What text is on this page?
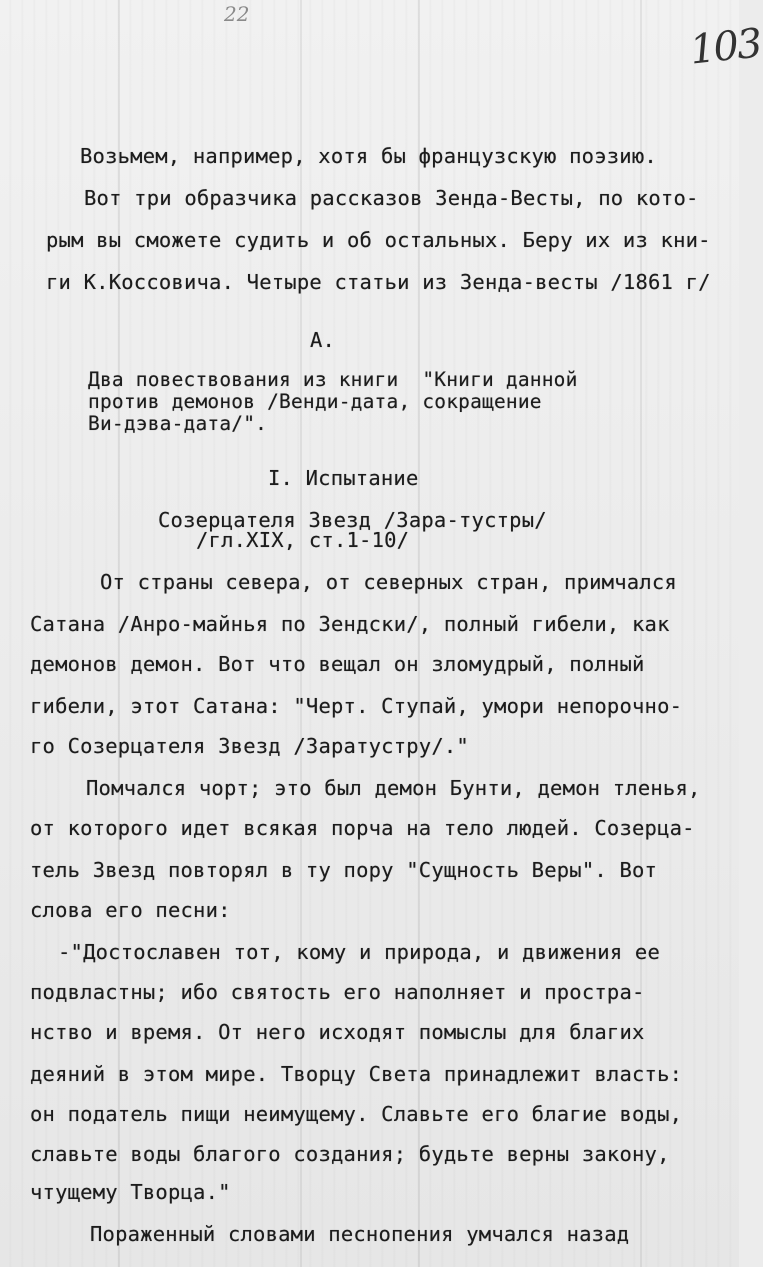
22
103
Возьмем, например, хотя бы французскую поэзию.
Вот три образчика рассказов Зенда-Весты, по кото-
рым вы сможете судить и об остальных. Беру их из кни-
ги К.Коссовича. Четыре статьи из Зенда-весты /1861 г/
А.
Два повествования из книги  "Книги данной
против демонов /Венди-дата, сокращение
Ви-дэва-дата/".
I. Испытание
Созерцателя Звезд /Зара-тустры/
/гл.XIX, ст.1-10/
От страны севера, от северных стран, примчался
Сатана /Анро-майнья по Зендски/, полный гибели, как
демонов демон. Вот что вещал он зломудрый, полный
гибели, этот Сатана: "Черт. Ступай, умори непорочно-
го Созерцателя Звезд /Заратустру/."
Помчался чорт; это был демон Бунти, демон тленья,
от которого идет всякая порча на тело людей. Созерца-
тель Звезд повторял в ту пору "Сущность Веры". Вот
слова его песни:
-"Достославен тот, кому и природа, и движения ее
подвластны; ибо святость его наполняет и простра-
нство и время. От него исходят помыслы для благих
деяний в этом мире. Творцу Света принадлежит власть:
он податель пищи неимущему. Славьте его благие воды,
славьте воды благого создания; будьте верны закону,
чтущему Творца."
Пораженный словами песнопения умчался назад
